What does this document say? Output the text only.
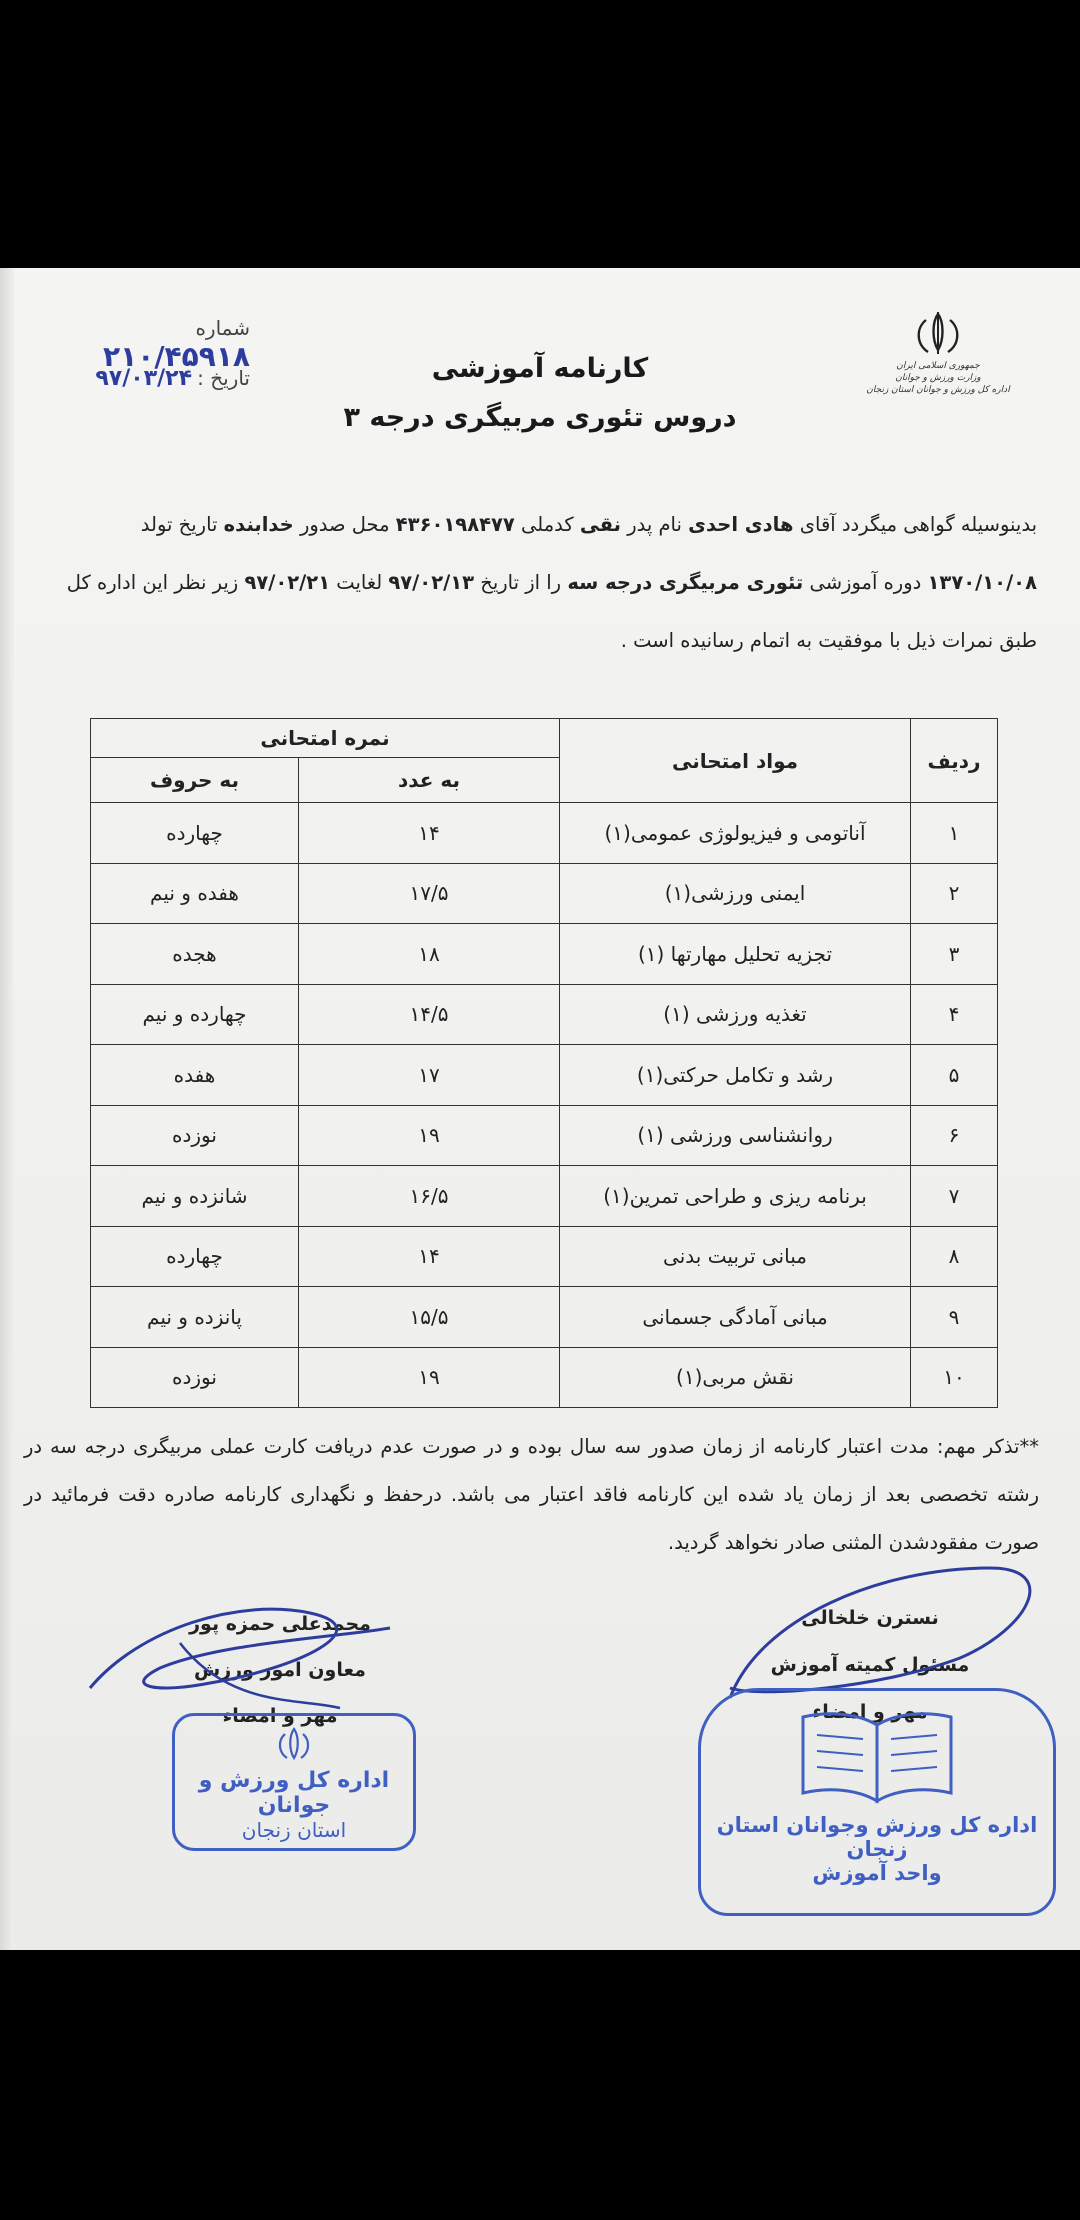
شماره ۲۱۰/۴۵۹۱۸
تاریخ : ۹۷/۰۳/۲۴	جمهوری اسلامی ایران
وزارت ورزش و جوانان
اداره کل ورزش و جوانان استان زنجان
کارنامه آموزشی
دروس تئوری مربیگری درجه ۳
بدینوسیله گواهی میگردد آقای هادی احدی نام پدر نقی کدملی ۴۳۶۰۱۹۸۴۷۷ محل صدور خدابنده تاریخ تولد
۱۳۷۰/۱۰/۰۸ دوره آموزشی تئوری مربیگری درجه سه را از تاریخ ۹۷/۰۲/۱۳ لغایت ۹۷/۰۲/۲۱ زیر نظر این اداره کل
طبق نمرات ذیل با موفقیت به اتمام رسانیده است .
ردیف	مواد امتحانی	نمره امتحانی	
		به عدد	به حروف
۱	آناتومی و فیزیولوژی عمومی(۱)	۱۴	چهارده
۲	ایمنی ورزشی(۱)	۱۷/۵	هفده و نیم
۳	تجزیه تحلیل مهارتها (۱)	۱۸	هجده
۴	تغذیه ورزشی (۱)	۱۴/۵	چهارده و نیم
۵	رشد و تکامل حرکتی(۱)	۱۷	هفده
۶	روانشناسی ورزشی (۱)	۱۹	نوزده
۷	برنامه ریزی و طراحی تمرین(۱)	۱۶/۵	شانزده و نیم
۸	مبانی تربیت بدنی	۱۴	چهارده
۹	مبانی آمادگی جسمانی	۱۵/۵	پانزده و نیم
۱۰	نقش مربی(۱)	۱۹	نوزده
**تذکر مهم: مدت اعتبار کارنامه از زمان صدور سه سال بوده و در صورت عدم دریافت کارت عملی مربیگری درجه سه در رشته تخصصی بعد از زمان یاد شده این کارنامه فاقد اعتبار می باشد. درحفظ و نگهداری کارنامه صادره دقت فرمائید در صورت مفقودشدن المثنی صادر نخواهد گردید.
نسترن خلخالی
مسئول کمیته آموزش
مهر و امضاء
محمدعلی حمزه پور
معاون امور ورزش
مهر و امضاء
اداره کل ورزش و جوانان
استان زنجان	اداره کل ورزش وجوانان استان زنجان
واحد آموزش
